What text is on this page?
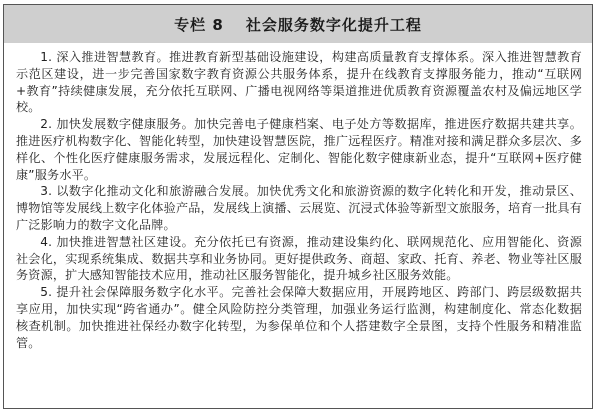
专栏 8 社会服务数字化提升工程

1. 深入推进智慧教育。推进教育新型基础设施建设，构建高质量教育支撑体系。深入推进智慧教育示范区建设，进一步完善国家数字教育资源公共服务体系，提升在线教育支撑服务能力，推动“互联网+教育”持续健康发展，充分依托互联网、广播电视网络等渠道推进优质教育资源覆盖农村及偏远地区学校。

2. 加快发展数字健康服务。加快完善电子健康档案、电子处方等数据库，推进医疗数据共建共享。推进医疗机构数字化、智能化转型，加快建设智慧医院，推广远程医疗。精准对接和满足群众多层次、多样化、个性化医疗健康服务需求，发展远程化、定制化、智能化数字健康新业态，提升“互联网+医疗健康”服务水平。

3. 以数字化推动文化和旅游融合发展。加快优秀文化和旅游资源的数字化转化和开发，推动景区、博物馆等发展线上数字化体验产品，发展线上演播、云展览、沉浸式体验等新型文旅服务，培育一批具有广泛影响力的数字文化品牌。

4. 加快推进智慧社区建设。充分依托已有资源，推动建设集约化、联网规范化、应用智能化、资源社会化，实现系统集成、数据共享和业务协同。更好提供政务、商超、家政、托育、养老、物业等社区服务资源，扩大感知智能技术应用，推动社区服务智能化，提升城乡社区服务效能。

5. 提升社会保障服务数字化水平。完善社会保障大数据应用，开展跨地区、跨部门、跨层级数据共享应用，加快实现“跨省通办”。健全风险防控分类管理，加强业务运行监测，构建制度化、常态化数据核查机制。加快推进社保经办数字化转型，为参保单位和个人搭建数字全景图，支持个性服务和精准监管。
